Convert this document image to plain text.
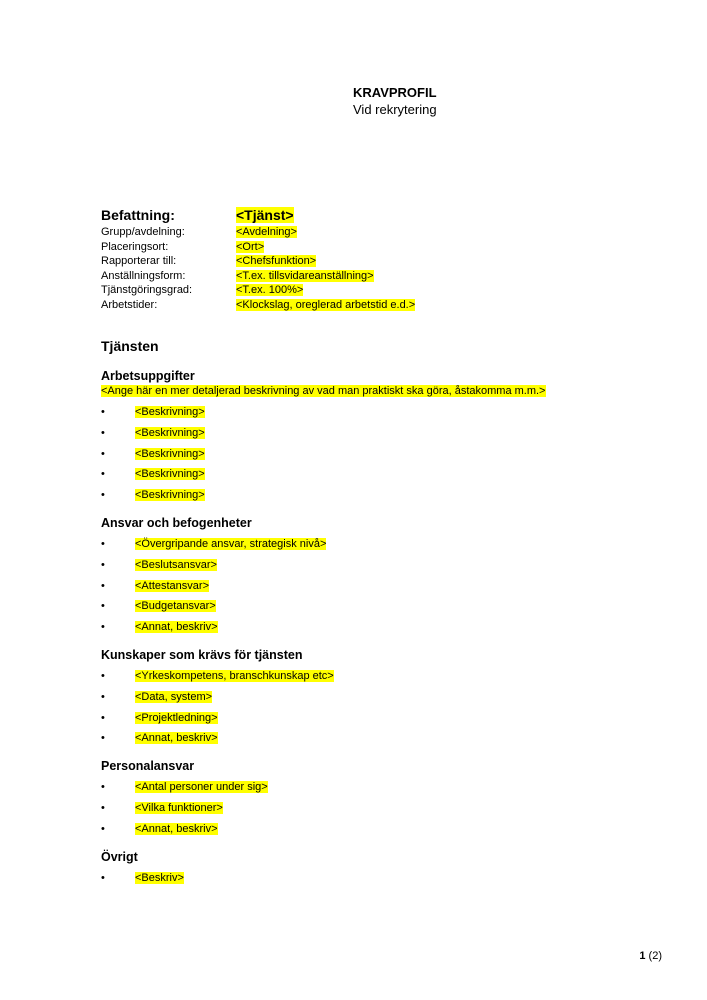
KRAVPROFIL
Vid rekrytering
Befattning:	<Tjänst>
Grupp/avdelning:	<Avdelning>
Placeringsort:	<Ort>
Rapporterar till:	<Chefsfunktion>
Anställningsform:	<T.ex. tillsvidareanställning>
Tjänstgöringsgrad:	<T.ex. 100%>
Arbetstider:	<Klockslag, oreglerad arbetstid e.d.>
Tjänsten
Arbetsuppgifter
<Ange här en mer detaljerad beskrivning av vad man praktiskt ska göra, åstakomma m.m.>
•	<Beskrivning>
•	<Beskrivning>
•	<Beskrivning>
•	<Beskrivning>
•	<Beskrivning>
Ansvar och befogenheter
•	<Övergripande ansvar, strategisk nivå>
•	<Beslutsansvar>
•	<Attestansvar>
•	<Budgetansvar>
•	<Annat, beskriv>
Kunskaper som krävs för tjänsten
•	<Yrkeskompetens, branschkunskap etc>
•	<Data, system>
•	<Projektledning>
•	<Annat, beskriv>
Personalansvar
•	<Antal personer under sig>
•	<Vilka funktioner>
•	<Annat, beskriv>
Övrigt
•	<Beskriv>
1 (2)
